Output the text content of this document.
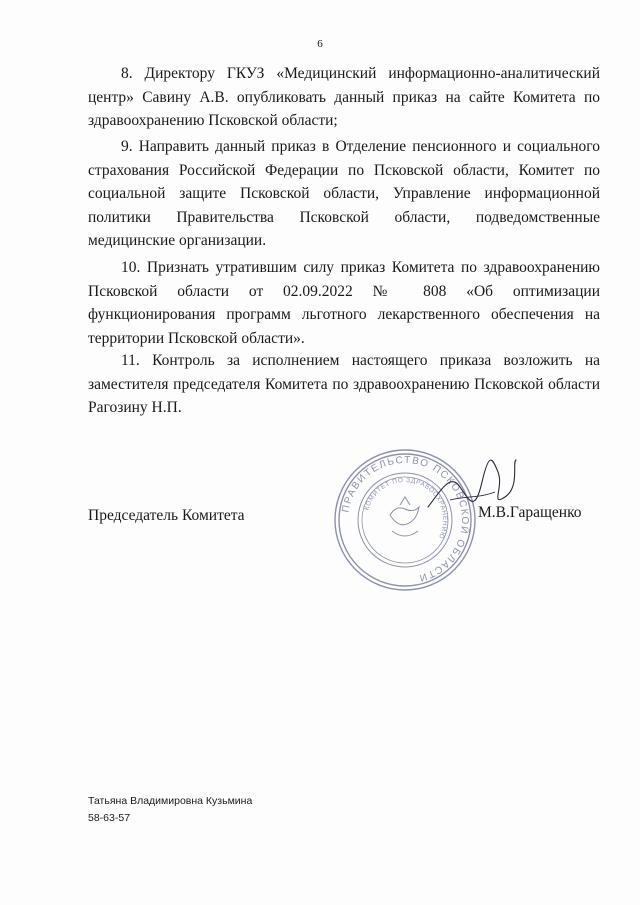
6

8. Директору ГКУЗ «Медицинский информационно-аналитический центр» Савину А.В. опубликовать данный приказ на сайте Комитета по здравоохранению Псковской области;

9. Направить данный приказ в Отделение пенсионного и социального страхования Российской Федерации по Псковской области, Комитет по социальной защите Псковской области, Управление информационной политики Правительства Псковской области, подведомственные медицинские организации.

10. Признать утратившим силу приказ Комитета по здравоохранению Псковской области от 02.09.2022 № 808 «Об оптимизации функционирования программ льготного лекарственного обеспечения на территории Псковской области».

11. Контроль за исполнением настоящего приказа возложить на заместителя председателя Комитета по здравоохранению Псковской области Рагозину Н.П.

ПРАВИТЕЛЬСТВО ПСКОВСКОЙ ОБЛАСТИ
КОМИТЕТ ПО ЗДРАВООХРАНЕНИЮ
Председатель Комитета	М.В.Гаращенко
Татьяна Владимировна Кузьмина
58-63-57
